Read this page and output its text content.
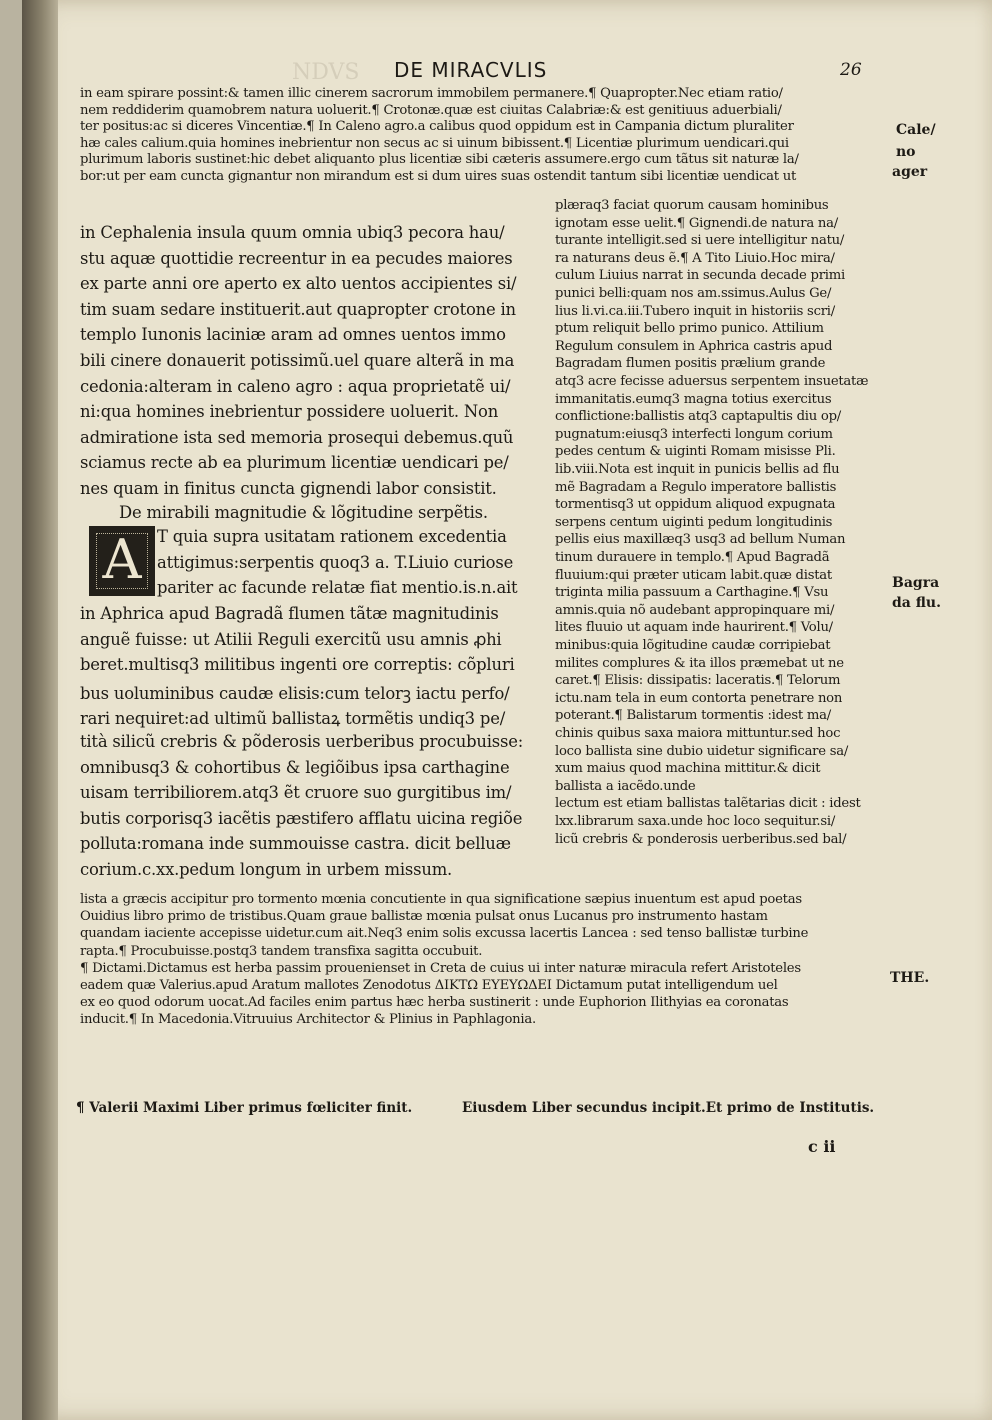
NDVS DE MIRACVLIS	26
in eam spirare possint:& tamen illic cinerem sacrorum immobilem permanere.¶ Quapropter.Nec etiam ratio/
nem reddiderim quamobrem natura uoluerit.¶ Crotonæ.quæ est ciuitas Calabriæ:& est genitiuus aduerbiali/
ter positus:ac si diceres Vincentiæ.¶ In Caleno agro.a calibus quod oppidum est in Campania dictum pluraliter
hæ cales calium.quia homines inebrientur non secus ac si uinum bibissent.¶ Licentiæ plurimum uendicari.qui
plurimum laboris sustinet:hic debet aliquanto plus licentiæ sibi cæteris assumere.ergo cum tãtus sit naturæ la/
bor:ut per eam cuncta gignantur non mirandum est si dum uires suas ostendit tantum sibi licentiæ uendicat ut
in Cephalenia insula quum omnia ubiq3 pecora hau/
stu aquæ quottidie recreentur in ea pecudes maiores
ex parte anni ore aperto ex alto uentos accipientes si/
tim suam sedare instituerit.aut quapropter crotone in
templo Iunonis laciniæ aram ad omnes uentos immo
bili cinere donauerit potissimũ.uel quare alterã in ma
cedonia:alteram in caleno agro : aqua proprietatẽ ui/
ni:qua homines inebrientur possidere uoluerit. Non
admiratione ista sed memoria prosequi debemus.quũ
sciamus recte ab ea plurimum licentiæ uendicari pe/
nes quam in finitus cuncta gignendi labor consistit.
T quia supra usitatam rationem excedentia
attigimus:serpentis quoq3 a. T.Liuio curiose
pariter ac facunde relatæ fiat mentio.is.n.ait
in Aphrica apud Bagradã flumen tãtæ magnitudinis
anguẽ fuisse: ut Atilii Reguli exercitũ usu amnis ꝓhi
beret.multisq3 militibus ingenti ore correptis: cõpluri
bus uoluminibus caudæ elisis:cum telorꝫ iactu perfo/
rari nequiret:ad ultimũ ballistaꝝ tormẽtis undiq3 pe/
tità silicũ crebris & põderosis uerberibus procubuisse:
omnibusq3 & cohortibus & legiõibus ipsa carthagine
uisam terribiliorem.atq3 ẽt cruore suo gurgitibus im/
butis corporisq3 iacẽtis pæstifero afflatu uicina regiõe
polluta:romana inde summouisse castra. dicit belluæ
corium.c.xx.pedum longum in urbem missum.
plæraq3 faciat quorum causam hominibus
ignotam esse uelit.¶ Gignendi.de natura na/
turante intelligit.sed si uere intelligitur natu/
ra naturans deus ẽ.¶ A Tito Liuio.Hoc mira/
culum Liuius narrat in secunda decade primi
punici belli:quam nos am.ssimus.Aulus Ge/
lius li.vi.ca.iii.Tubero inquit in historiis scri/
ptum reliquit bello primo punico. Attilium
Regulum consulem in Aphrica castris apud
Bagradam flumen positis prælium grande
atq3 acre fecisse aduersus serpentem insuetatæ
immanitatis.eumq3 magna totius exercitus
conflictione:ballistis atq3 captapultis diu op/
pugnatum:eiusq3 interfecti longum corium
pedes centum & uiginti Romam misisse Pli.
lib.viii.Nota est inquit in punicis bellis ad flu
mẽ Bagradam a Regulo imperatore ballistis
tormentisq3 ut oppidum aliquod expugnata
serpens centum uiginti pedum longitudinis
pellis eius maxillæq3 usq3 ad bellum Numan
tinum durauere in templo.¶ Apud Bagradã
fluuium:qui præter uticam labit.quæ distat
triginta milia passuum a Carthagine.¶ Vsu
amnis.quia nõ audebant appropinquare mi/
lites fluuio ut aquam inde haurirent.¶ Volu/
minibus:quia lõgitudine caudæ corripiebat
milites complures & ita illos præmebat ut ne
caret.¶ Elisis: dissipatis: laceratis.¶ Telorum
ictu.nam tela in eum contorta penetrare non
poterant.¶ Balistarum tormentis :idest ma/
chinis quibus saxa maiora mittuntur.sed hoc
loco ballista sine dubio uidetur significare sa/
xum maius quod machina mittitur.& dicit
ballista a iacẽdo.unde
lectum est etiam ballistas talẽtarias dicit : idest
lxx.librarum saxa.unde hoc loco sequitur.si/
licũ crebris & ponderosis uerberibus.sed bal/
lista a græcis accipitur pro tormento mœnia concutiente in qua significatione sæpius inuentum est apud poetas
Ouidius libro primo de tristibus.Quam graue ballistæ mœnia pulsat onus Lucanus pro instrumento hastam
quandam iaciente accepisse uidetur.cum ait.Neq3 enim solis excussa lacertis Lancea : sed tenso ballistæ turbine
rapta.¶ Procubuisse.postq3 tandem transfixa sagitta occubuit.
¶ Dictami.Dictamus est herba passim prouenienset in Creta de cuius ui inter naturæ miracula refert Aristoteles
eadem quæ Valerius.apud Aratum mallotes Zenodotus ΔΙΚΤΩ ΕΥΕΥΩΔΕΙ Dictamum putat intelligendum uel
ex eo quod odorum uocat.Ad faciles enim partus hæc herba sustinerit : unde Euphorion Ilithyias ea coronatas
inducit.¶ In Macedonia.Vitruuius Architector & Plinius in Paphlagonia.
Cale/
no
ager
Bagra
da flu.
THE.
A
De mirabili magnitudie & lõgitudine serpẽtis.
¶ Valerii Maximi Liber primus fœliciter finit.	Eiusdem Liber secundus incipit.Et primo de Institutis.
c ii
